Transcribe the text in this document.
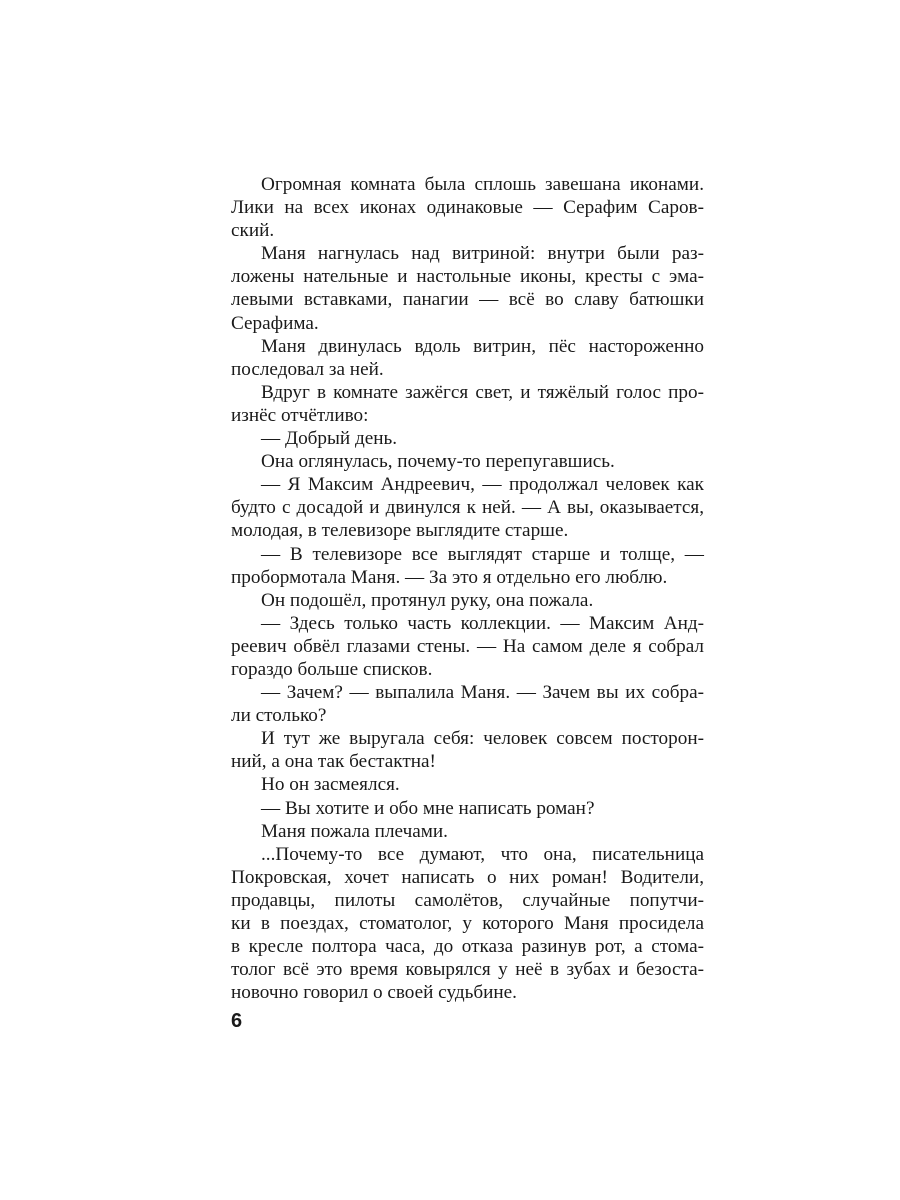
Огромная комната была сплошь завешана иконами.
Лики на всех иконах одинаковые — Серафим Саров-
ский.
Маня нагнулась над витриной: внутри были раз-
ложены нательные и настольные иконы, кресты с эма-
левыми вставками, панагии — всё во славу батюшки
Серафима.
Маня двинулась вдоль витрин, пёс настороженно
последовал за ней.
Вдруг в комнате зажёгся свет, и тяжёлый голос про-
изнёс отчётливо:
— Добрый день.
Она оглянулась, почему-то перепугавшись.
— Я Максим Андреевич, — продолжал человек как
будто с досадой и двинулся к ней. — А вы, оказывается,
молодая, в телевизоре выглядите старше.
— В телевизоре все выглядят старше и толще, —
пробормотала Маня. — За это я отдельно его люблю.
Он подошёл, протянул руку, она пожала.
— Здесь только часть коллекции. — Максим Анд-
реевич обвёл глазами стены. — На самом деле я собрал
гораздо больше списков.
— Зачем? — выпалила Маня. — Зачем вы их собра-
ли столько?
И тут же выругала себя: человек совсем посторон-
ний, а она так бестактна!
Но он засмеялся.
— Вы хотите и обо мне написать роман?
Маня пожала плечами.
...Почему-то все думают, что она, писательница
Покровская, хочет написать о них роман! Водители,
продавцы, пилоты самолётов, случайные попутчи-
ки в поездах, стоматолог, у которого Маня просидела
в кресле полтора часа, до отказа разинув рот, а стома-
толог всё это время ковырялся у неё в зубах и безоста-
новочно говорил о своей судьбине.
6
